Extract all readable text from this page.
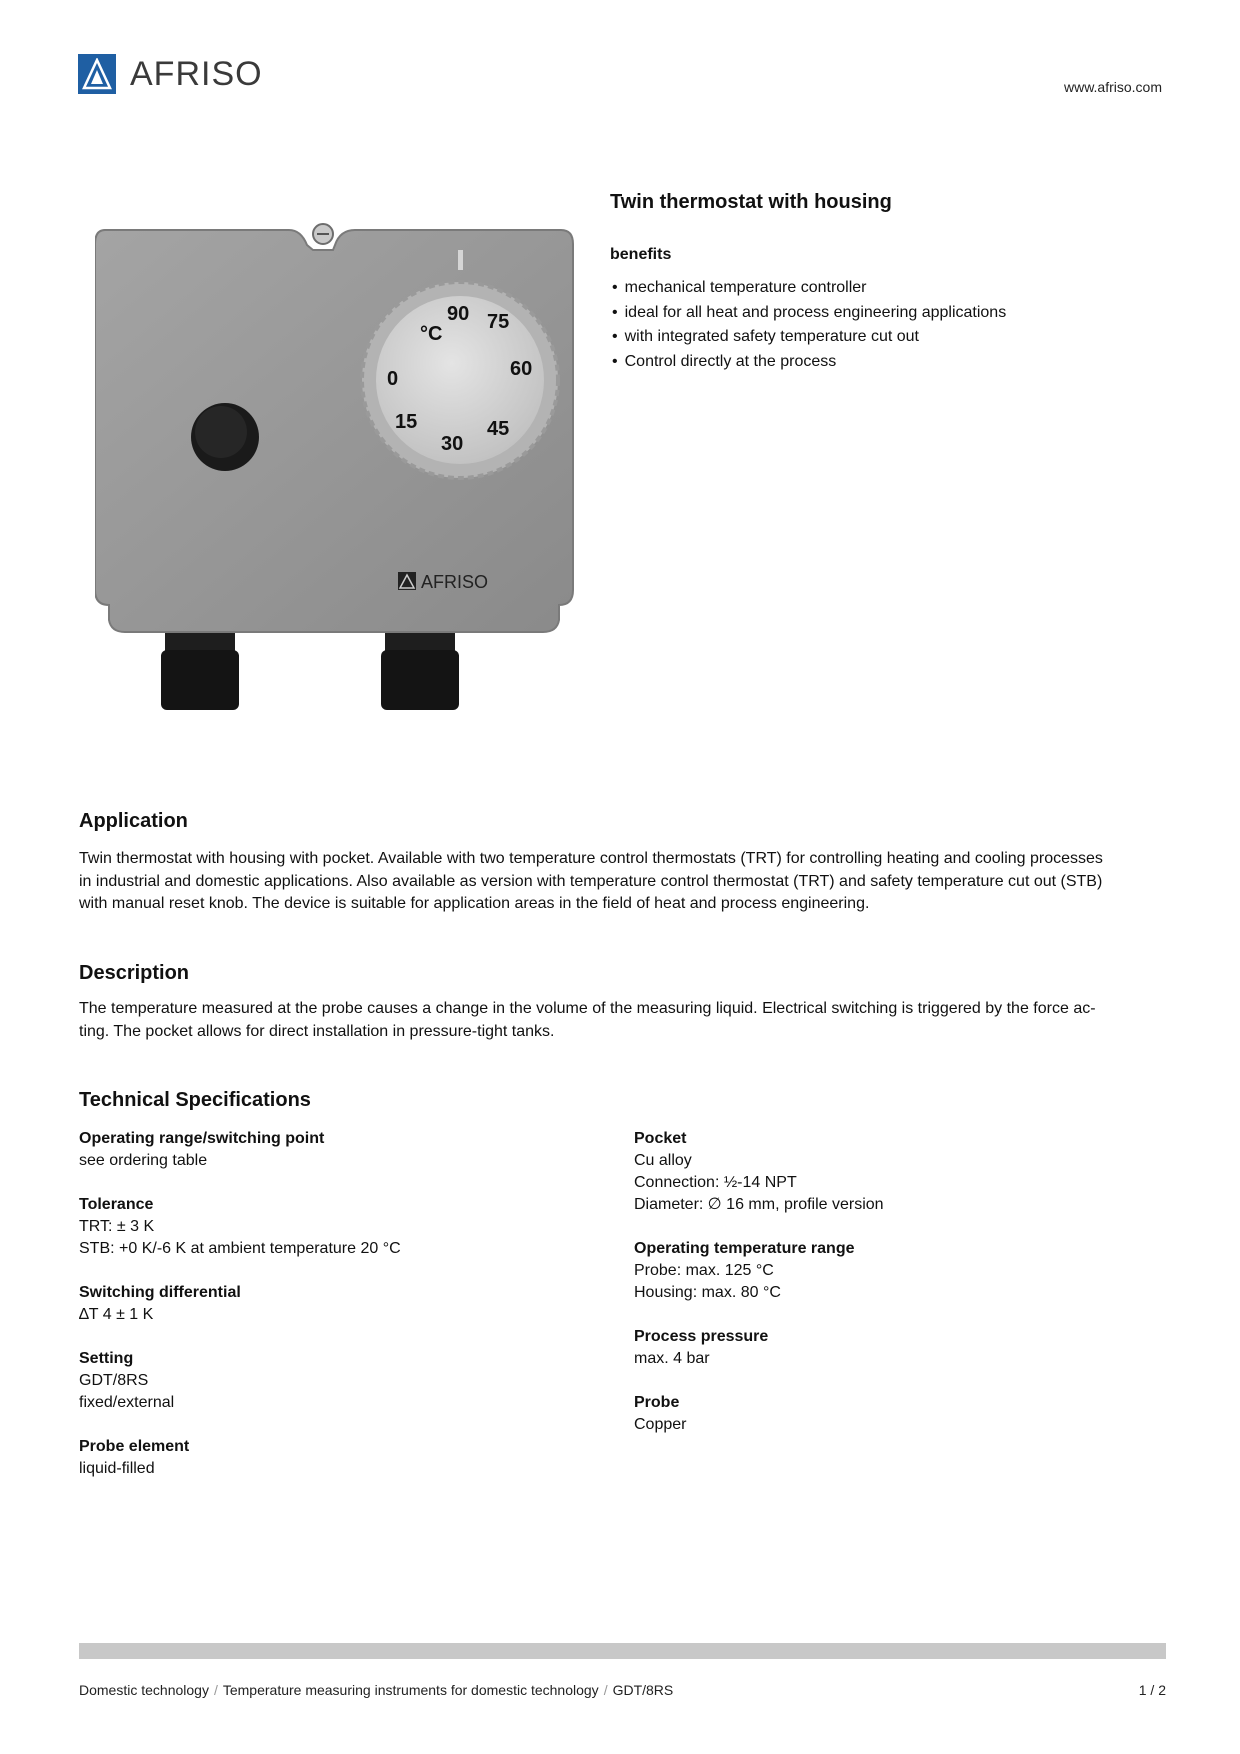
AFRISO	www.afriso.com
°C
90 75
60
45
30
15
0
AFRISO
Twin thermostat with housing
benefits
• mechanical temperature controller
• ideal for all heat and process engineering applications
• with integrated safety temperature cut out
• Control directly at the process
Application
Twin thermostat with housing with pocket. Available with two temperature control thermostats (TRT) for controlling heating and cooling processes
in industrial and domestic applications. Also available as version with temperature control thermostat (TRT) and safety temperature cut out (STB)
with manual reset knob. The device is suitable for application areas in the field of heat and process engineering.
Description
The temperature measured at the probe causes a change in the volume of the measuring liquid. Electrical switching is triggered by the force ac-
ting. The pocket allows for direct installation in pressure-tight tanks.
Technical Specifications
Operating range/switching point
see ordering table
Tolerance
TRT: ± 3 K
STB: +0 K/-6 K at ambient temperature 20 °C
Switching differential
∆T 4 ± 1 K
Setting
GDT/8RS
fixed/external
Probe element
liquid-filled
Pocket
Cu alloy
Connection: ½-14 NPT
Diameter: ∅ 16 mm, profile version
Operating temperature range
Probe: max. 125 °C
Housing: max. 80 °C
Process pressure
max. 4 bar
Probe
Copper
Domestic technology / Temperature measuring instruments for domestic technology / GDT/8RS	1 / 2
